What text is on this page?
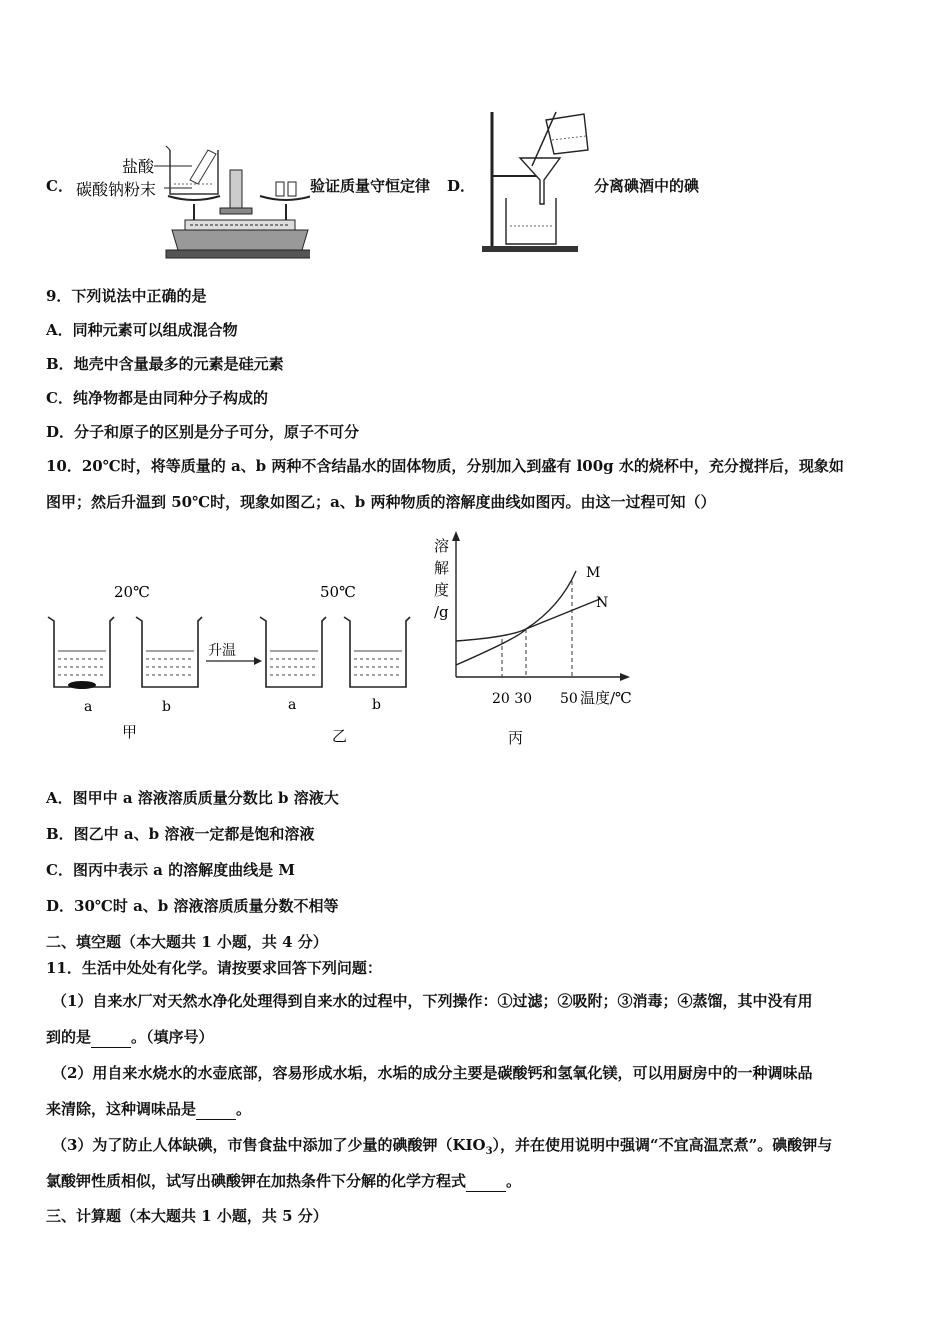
C．
盐酸
碳酸钠粉末	验证质量守恒定律 D．	分离碘酒中的碘
9．下列说法中正确的是
A．同种元素可以组成混合物
B．地壳中含量最多的元素是硅元素
C．纯净物都是由同种分子构成的
D．分子和原子的区别是分子可分，原子不可分
10．20℃时，将等质量的 a、b 两种不含结晶水的固体物质，分别加入到盛有 l00g 水的烧杯中，充分搅拌后，现象如
图甲；然后升温到 50℃时，现象如图乙；a、b 两种物质的溶解度曲线如图丙。由这一过程可知（）
20℃
a	b
甲
升温
50℃
a	b
乙
溶
解
度
/g
M
N
20 30 50 温度/℃
丙
A．图甲中 a 溶液溶质质量分数比 b 溶液大
B．图乙中 a、b 溶液一定都是饱和溶液
C．图丙中表示 a 的溶解度曲线是 M
D．30℃时 a、b 溶液溶质质量分数不相等
二、填空题（本大题共 1 小题，共 4 分）
11．生活中处处有化学。请按要求回答下列问题：
（1）自来水厂对天然水净化处理得到自来水的过程中，下列操作：①过滤；②吸附；③消毒；④蒸馏，其中没有用
到的是	。（填序号）
（2）用自来水烧水的水壶底部，容易形成水垢，水垢的成分主要是碳酸钙和氢氧化镁，可以用厨房中的一种调味品
来清除，这种调味品是	。
（3）为了防止人体缺碘，市售食盐中添加了少量的碘酸钾$(KIO_3)$，并在使用说明中强调“不宜高温烹煮”。碘酸钾与
氯酸钾性质相似，试写出碘酸钾在加热条件下分解的化学方程式	。
三、计算题（本大题共 1 小题，共 5 分）
